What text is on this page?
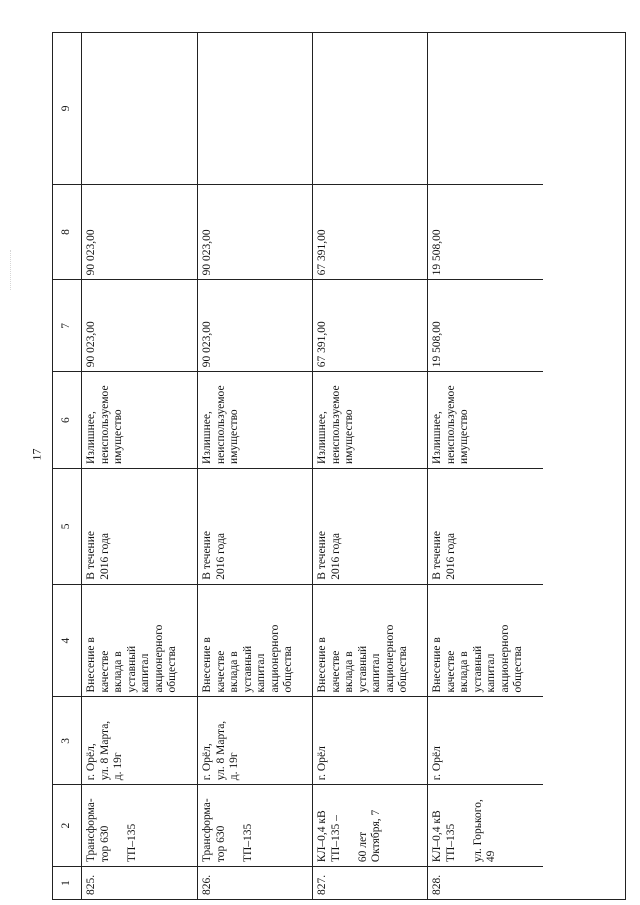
17
1
2
3
4
5
6
7
8
9
825.
Трансформа-
тор 630

ТП–135
г. Орёл,
ул. 8 Марта,
д. 19г
Внесение в
качестве
вклада в
уставный
капитал
акционерного
общества
В течение
2016 года
Излишнее,
неиспользуемое
имущество
90 023,00
90 023,00
826.
Трансформа-
тор 630

ТП–135
г. Орёл,
ул. 8 Марта,
д. 19г
Внесение в
качестве
вклада в
уставный
капитал
акционерного
общества
В течение
2016 года
Излишнее,
неиспользуемое
имущество
90 023,00
90 023,00
827.
КЛ–0,4 кВ
ТП–135 –

60 лет
Октября, 7
г. Орёл
Внесение в
качестве
вклада в
уставный
капитал
акционерного
общества
В течение
2016 года
Излишнее,
неиспользуемое
имущество
67 391,00
67 391,00
828.
КЛ–0,4 кВ
ТП–135

ул. Горького,
49
г. Орёл
Внесение в
качестве
вклада в
уставный
капитал
акционерного
общества
В течение
2016 года
Излишнее,
неиспользуемое
имущество
19 508,00
19 508,00
